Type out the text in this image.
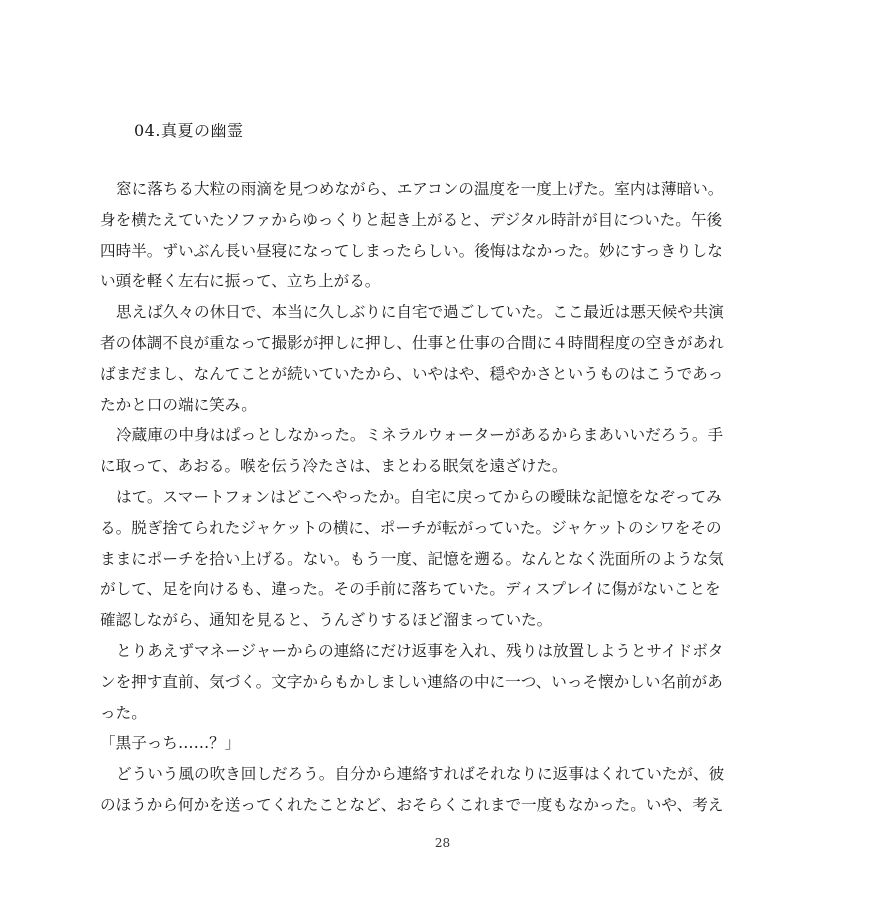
04.真夏の幽霊
窓に落ちる大粒の雨滴を見つめながら、エアコンの温度を一度上げた。室内は薄暗い。
身を横たえていたソファからゆっくりと起き上がると、デジタル時計が目についた。午後
四時半。ずいぶん長い昼寝になってしまったらしい。後悔はなかった。妙にすっきりしな
い頭を軽く左右に振って、立ち上がる。
思えば久々の休日で、本当に久しぶりに自宅で過ごしていた。ここ最近は悪天候や共演
者の体調不良が重なって撮影が押しに押し、仕事と仕事の合間に４時間程度の空きがあれ
ばまだまし、なんてことが続いていたから、いやはや、穏やかさというものはこうであっ
たかと口の端に笑み。
冷蔵庫の中身はぱっとしなかった。ミネラルウォーターがあるからまあいいだろう。手
に取って、あおる。喉を伝う冷たさは、まとわる眠気を遠ざけた。
はて。スマートフォンはどこへやったか。自宅に戻ってからの曖昧な記憶をなぞってみ
る。脱ぎ捨てられたジャケットの横に、ポーチが転がっていた。ジャケットのシワをその
ままにポーチを拾い上げる。ない。もう一度、記憶を遡る。なんとなく洗面所のような気
がして、足を向けるも、違った。その手前に落ちていた。ディスプレイに傷がないことを
確認しながら、通知を見ると、うんざりするほど溜まっていた。
とりあえずマネージャーからの連絡にだけ返事を入れ、残りは放置しようとサイドボタ
ンを押す直前、気づく。文字からもかしましい連絡の中に一つ、いっそ懐かしい名前があ
った。
「黒子っち……？」
どういう風の吹き回しだろう。自分から連絡すればそれなりに返事はくれていたが、彼
のほうから何かを送ってくれたことなど、おそらくこれまで一度もなかった。いや、考え
28
